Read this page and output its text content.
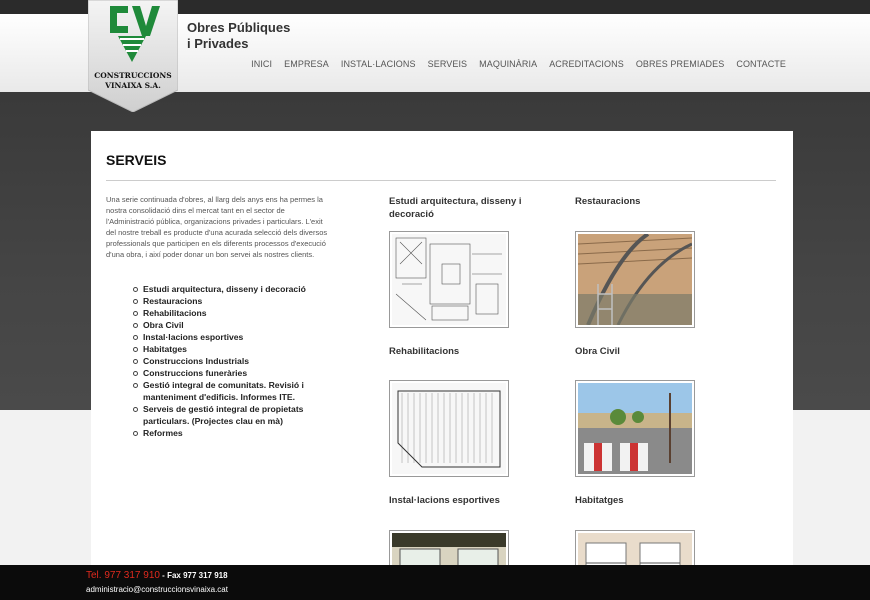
CONSTRUCCIONS
VINAIXA S.A.
Obres Públiques
i Privades
INICI EMPRESA INSTAL·LACIONS SERVEIS MAQUINÀRIA ACREDITACIONS OBRES PREMIADES CONTACTE
SERVEIS

Una serie continuada d'obres, al llarg dels anys ens ha permes la nostra consolidació dins el mercat tant en el sector de l'Administració pública, organizacions privades i particulars. L'exit del nostre treball es producte d'una acurada selecció dels diversos professionals que participen en els diferents processos d'execució d'una obra, i així poder donar un bon servei als nostres clients.

Estudi arquitectura, disseny i decoració
Restauracions
Rehabilitacions
Obra Civil
Instal·lacions esportives
Habitatges
Construccions Industrials
Construccions funeràries
Gestió integral de comunitats. Revisió i manteniment d'edificis. Informes ITE.
Serveis de gestió integral de propietats particulars. (Projectes clau en mà)
Reformes
Estudi arquitectura, disseny i decoració
Restauracions
Rehabilitacions	Obra Civil
Instal·lacions esportives	Habitatges
Tel. 977 317 910 - Fax 977 317 918
administracio@construccionsvinaixa.cat
